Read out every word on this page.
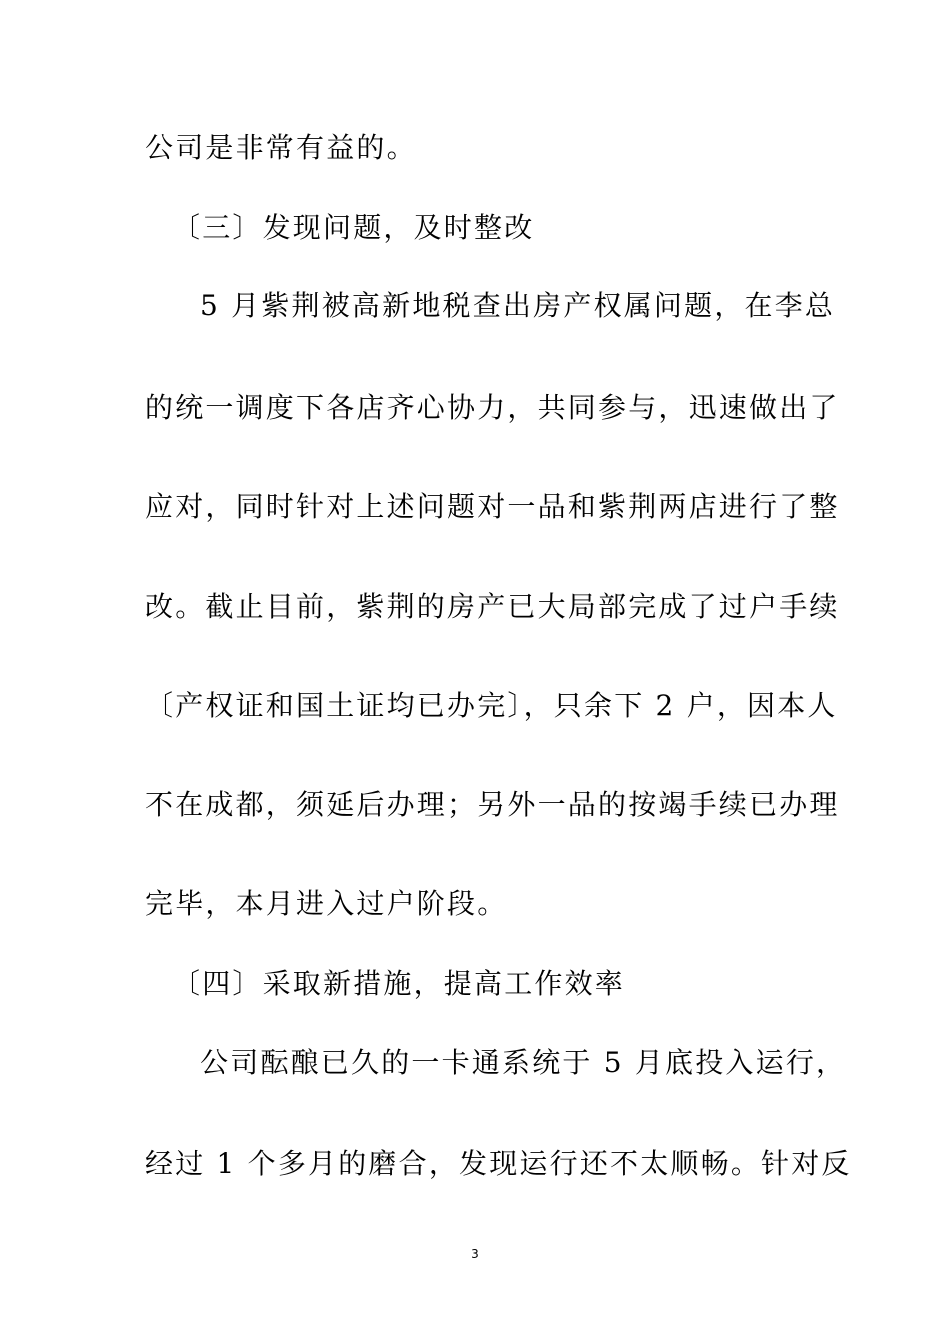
公司是非常有益的。
〔三〕发现问题，及时整改
5 月紫荆被高新地税查出房产权属问题，在李总
的统一调度下各店齐心协力，共同参与，迅速做出了
应对，同时针对上述问题对一品和紫荆两店进行了整
改。截止目前，紫荆的房产已大局部完成了过户手续
〔产权证和国土证均已办完〕，只余下 2 户，因本人
不在成都，须延后办理；另外一品的按竭手续已办理
完毕，本月进入过户阶段。
〔四〕采取新措施，提高工作效率
公司酝酿已久的一卡通系统于 5 月底投入运行，
经过 1 个多月的磨合，发现运行还不太顺畅。针对反
3
